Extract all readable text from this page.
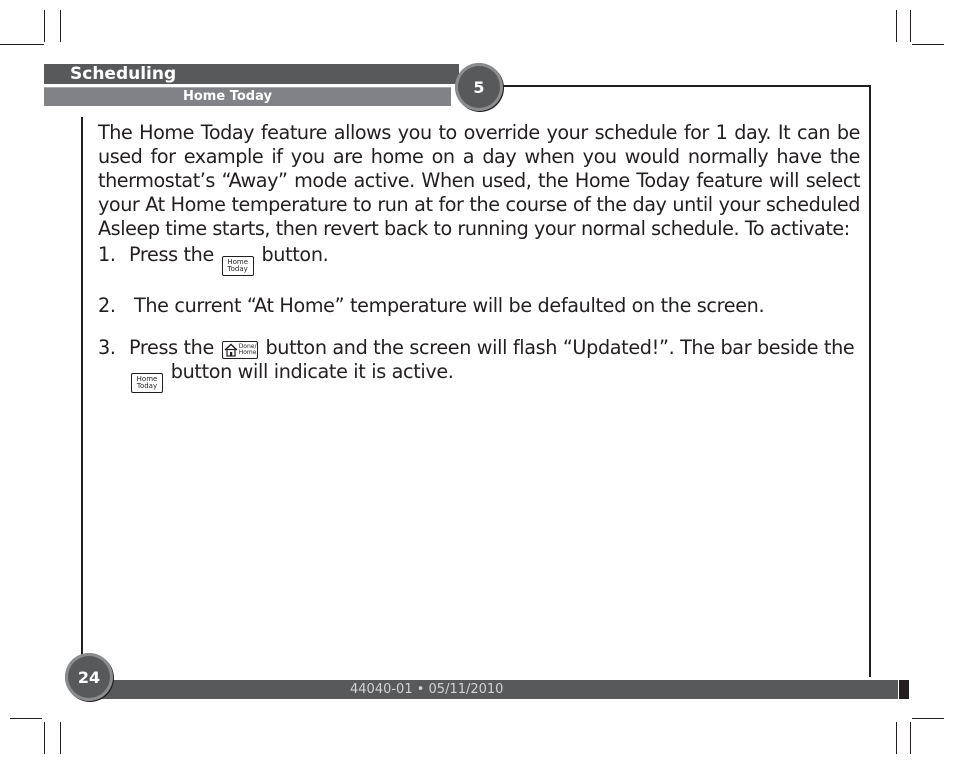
Scheduling
Home Today	5

The Home Today feature allows you to override your schedule for 1 day. It can be used for example if you are home on a day when you would normally have the thermostat’s “Away” mode active. When used, the Home Today feature will select your At Home temperature to run at for the course of the day until your scheduled Asleep time starts, then revert back to running your normal schedule. To activate:

1. Press the Home
Today
button.

2. The current “At Home” temperature will be defaulted on the screen.

3. Press the	Done/
Home button and the screen will flash “Updated!”. The bar beside the
Home
Today
button will indicate it is active.

44040-01 • 05/11/2010
24
